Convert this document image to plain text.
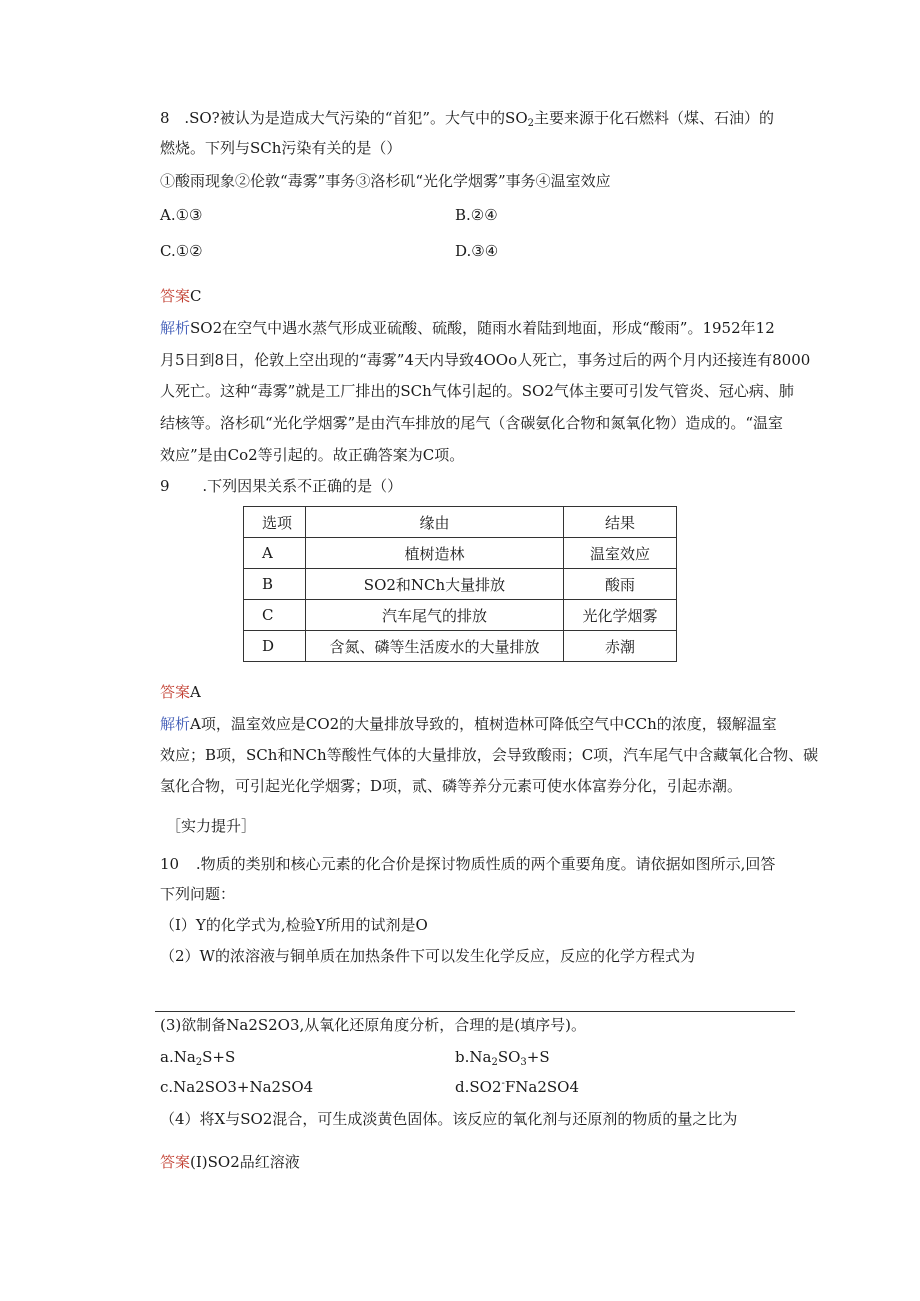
8 .SO?被认为是造成大气污染的“首犯”。大气中的$SO_2$主要来源于化石燃料（煤、石油）的
燃烧。下列与SCh污染有关的是（）
①酸雨现象②伦敦“毒雾”事务③洛杉矶“光化学烟雾”事务④温室效应
A.①③	B.②④
C.①②	D.③④
答案C
解析SO2在空气中遇水蒸气形成亚硫酸、硫酸，随雨水着陆到地面，形成“酸雨”。1952年12
月5日到8日，伦敦上空出现的“毒雾”4天内导致4OOo人死亡，事务过后的两个月内还接连有8000
人死亡。这种“毒雾”就是工厂排出的SCh气体引起的。SO2气体主要可引发气管炎、冠心病、肺
结核等。洛杉矶“光化学烟雾”是由汽车排放的尾气（含碳氨化合物和氮氧化物）造成的。“温室
效应”是由Co2等引起的。故正确答案为C项。
9 .下列因果关系不正确的是（）
选项	缘由	结果
A	植树造林	温室效应
B	SO2和NCh大量排放	酸雨
C	汽车尾气的排放	光化学烟雾
D	含氮、磷等生活废水的大量排放	赤潮
答案A
解析A项，温室效应是CO2的大量排放导致的，植树造林可降低空气中CCh的浓度，辍解温室
效应；B项，SCh和NCh等酸性气体的大量排放，会导致酸雨；C项，汽车尾气中含藏氧化合物、碳
氢化合物，可引起光化学烟雾；D项，贰、磷等养分元素可使水体富券分化，引起赤潮。
［实力提升］
10 .物质的类别和核心元素的化合价是探讨物质性质的两个重要角度。请依据如图所示,回答
下列问题：
（I）Y的化学式为,检验Y所用的试剂是O
（2）W的浓溶液与铜单质在加热条件下可以发生化学反应，反应的化学方程式为
(3)欲制备Na2S2O3,从氧化还原角度分析，合理的是(填序号)。
$a.Na_2S+S$	$b.Na_2SO_3+S$
c.Na2SO3+Na2SO4	d.SO2-FNa2SO4
（4）将X与SO2混合，可生成淡黄色固体。该反应的氧化剂与还原剂的物质的量之比为
答案(I)SO2品红溶液
